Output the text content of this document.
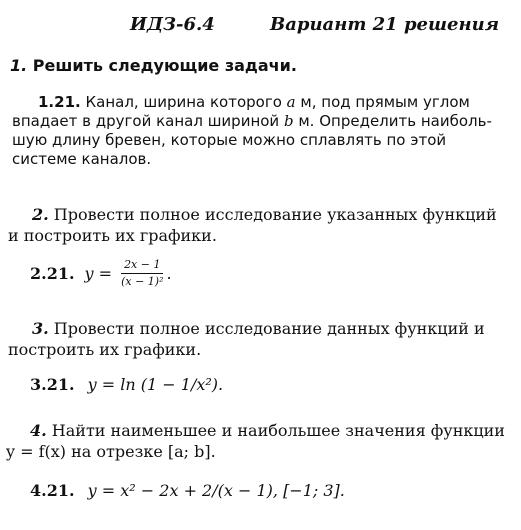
ИДЗ-6.4	Вариант 21 решения
1. Решить следующие задачи.
1.21. Канал, ширина которого a м, под прямым углом
впадает в другой канал шириной b м. Определить наиболь-
шую длину бревен, которые можно сплавлять по этой
системе каналов.
2. Провести полное исследование указанных функций
и построить их графики.
2.21. $y = \frac{2x - 1}{\text{(x − 1)²}}$ .
3. Провести полное исследование данных функций и
построить их графики.
3.21. y = ln (1 − 1/x²).
4. Найти наименьшее и наибольшее значения функции
y = f(x) на отрезке [a; b].
4.21. y = x² − 2x + 2/(x − 1), [−1; 3].
